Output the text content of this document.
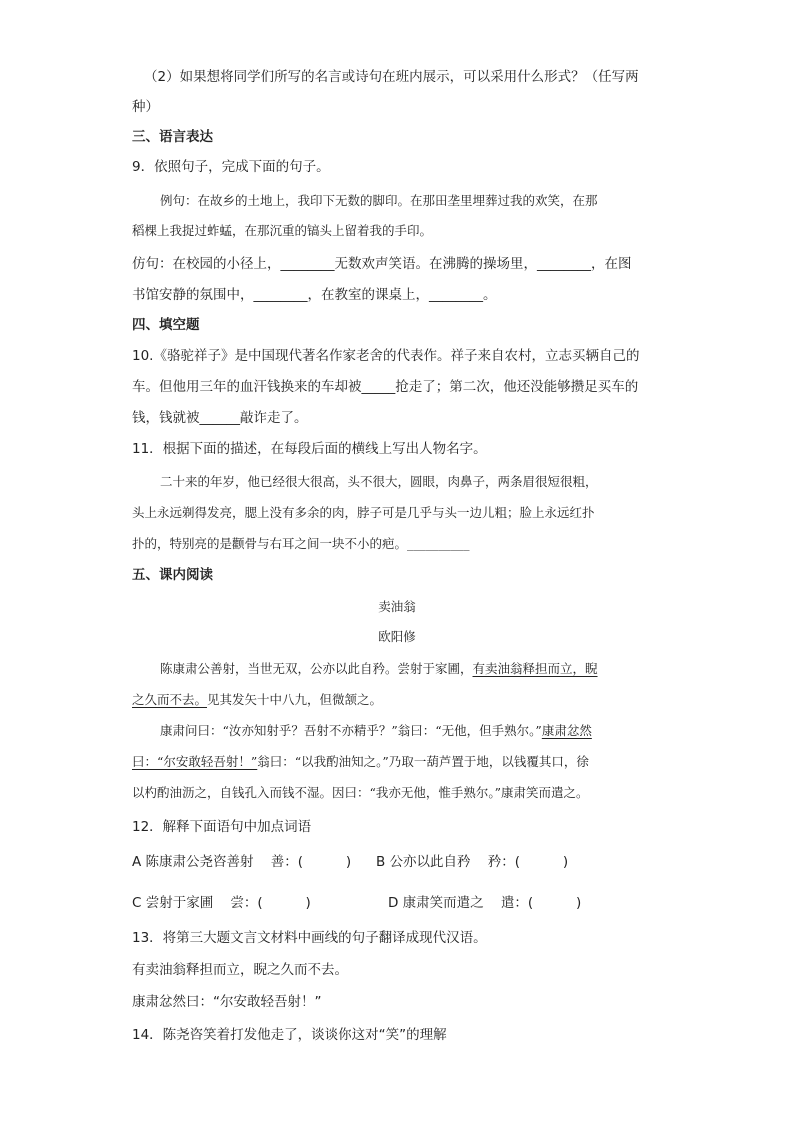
（2）如果想将同学们所写的名言或诗句在班内展示，可以采用什么形式？（任写两
种）
三、语言表达
9．依照句子，完成下面的句子。
例句：在故乡的土地上，我印下无数的脚印。在那田垄里埋葬过我的欢笑，在那
稻棵上我捉过蚱蜢，在那沉重的镐头上留着我的手印。
仿句：在校园的小径上，________无数欢声笑语。在沸腾的操场里，________，在图
书馆安静的氛围中，________，在教室的课桌上，________。
四、填空题
10.《骆驼祥子》是中国现代著名作家老舍的代表作。祥子来自农村，立志买辆自己的
车。但他用三年的血汗钱换来的车却被_____抢走了；第二次，他还没能够攒足买车的
钱，钱就被______敲诈走了。
11．根据下面的描述，在每段后面的横线上写出人物名字。
二十来的年岁，他已经很大很高，头不很大，圆眼，肉鼻子，两条眉很短很粗，
头上永远剃得发亮，腮上没有多余的肉，脖子可是几乎与头一边儿粗；脸上永远红扑
扑的，特别亮的是颧骨与右耳之间一块不小的疤。__________
五、课内阅读
卖油翁
欧阳修
陈康肃公善射，当世无双，公亦以此自矜。尝射于家圃，有卖油翁释担而立，睨
之久而不去。见其发矢十中八九，但微颔之。
康肃问曰：“汝亦知射乎？吾射不亦精乎？”翁曰：“无他，但手熟尔。”康肃忿然
曰：“尔安敢轻吾射！”翁曰：“以我酌油知之。”乃取一葫芦置于地，以钱覆其口，徐
以杓酌油沥之，自钱孔入而钱不湿。因曰：“我亦无他，惟手熟尔。”康肃笑而遣之。
12．解释下面语句中加点词语
A 陈康肃公尧咨善射    善：(          ) B 公亦以此自矜    矜：(          )
C 尝射于家圃    尝：(          )	D 康肃笑而遣之    遣：(          )
13．将第三大题文言文材料中画线的句子翻译成现代汉语。
有卖油翁释担而立，睨之久而不去。
康肃忿然曰：“尔安敢轻吾射！”
14．陈尧咨笑着打发他走了，谈谈你这对“笑”的理解
